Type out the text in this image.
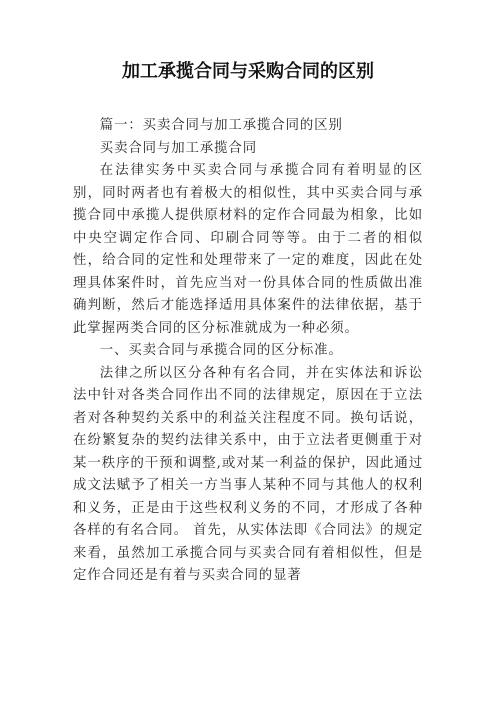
加工承揽合同与采购合同的区别

篇一：买卖合同与加工承揽合同的区别

买卖合同与加工承揽合同

在法律实务中买卖合同与承揽合同有着明显的区别，同时两者也有着极大的相似性，其中买卖合同与承揽合同中承揽人提供原材料的定作合同最为相象，比如中央空调定作合同、印刷合同等等。由于二者的相似性，给合同的定性和处理带来了一定的难度，因此在处理具体案件时，首先应当对一份具体合同的性质做出准确判断，然后才能选择适用具体案件的法律依据，基于此掌握两类合同的区分标准就成为一种必须。

一、买卖合同与承揽合同的区分标准。

法律之所以区分各种有名合同，并在实体法和诉讼法中针对各类合同作出不同的法律规定，原因在于立法者对各种契约关系中的利益关注程度不同。换句话说，在纷繁复杂的契约法律关系中，由于立法者更侧重于对某一秩序的干预和调整,或对某一利益的保护，因此通过成文法赋予了相关一方当事人某种不同与其他人的权利和义务，正是由于这些权利义务的不同，才形成了各种各样的有名合同。 首先，从实体法即《合同法》的规定来看，虽然加工承揽合同与买卖合同有着相似性，但是定作合同还是有着与买卖合同的显著
